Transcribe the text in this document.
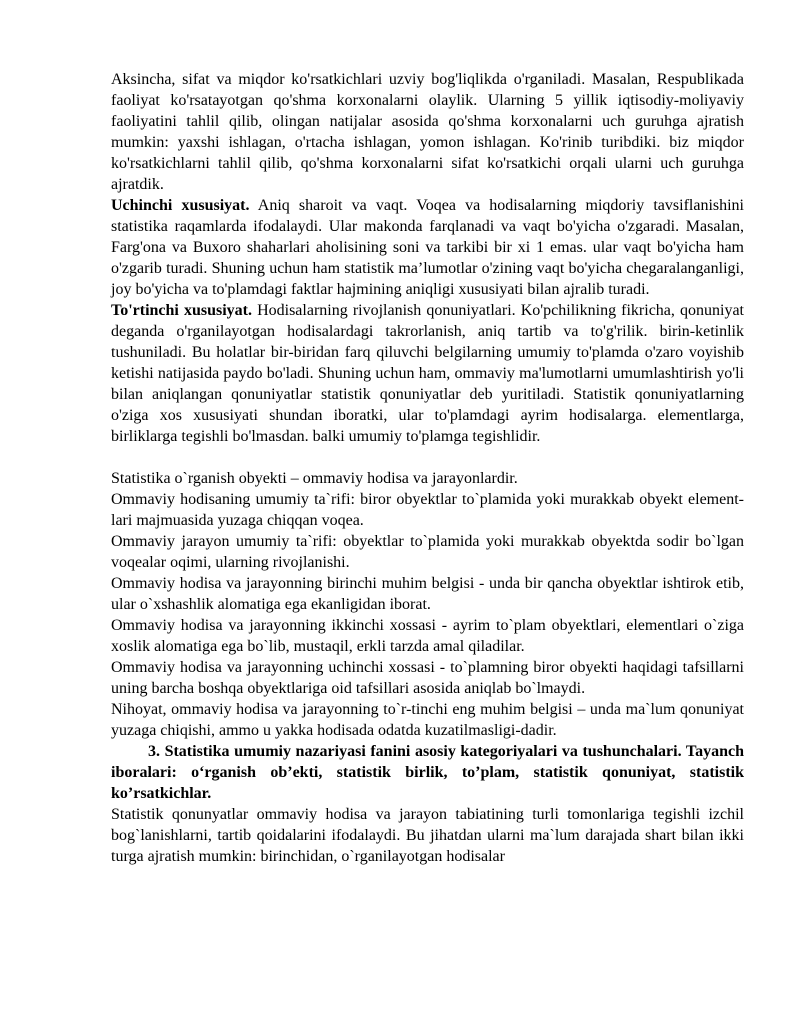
Aksincha, sifat va miqdor ko'rsatkichlari uzviy bog'liqlikda o'rganiladi. Masalan, Respublikada faoliyat ko'rsatayotgan qo'shma korxonalarni olaylik. Ularning 5 yillik iqtisodiy-moliyaviy faoliyatini tahlil qilib, olingan natijalar asosida qo'shma korxonalarni uch guruhga ajratish mumkin: yaxshi ishlagan, o'rtacha ishlagan, yomon ishlagan. Ko'rinib turibdiki. biz miqdor ko'rsatkichlarni tahlil qilib, qo'shma korxonalarni sifat ko'rsatkichi orqali ularni uch guruhga ajratdik.

Uchinchi xususiyat. Aniq sharoit va vaqt. Voqea va hodisalarning miqdoriy tavsiflanishini statistika raqamlarda ifodalaydi. Ular makonda farqlanadi va vaqt bo'yicha o'zgaradi. Masalan, Farg'ona va Buxoro shaharlari aholisining soni va tarkibi bir xi 1 emas. ular vaqt bo'yicha ham o'zgarib turadi. Shuning uchun ham statistik ma’lumotlar o'zining vaqt bo'yicha chegaralanganligi, joy bo'yicha va to'plamdagi faktlar hajmining aniqligi xususiyati bilan ajralib turadi.

To'rtinchi xususiyat. Hodisalarning rivojlanish qonuniyatlari. Ko'pchilikning fikricha, qonuniyat deganda o'rganilayotgan hodisalardagi takrorlanish, aniq tartib va to'g'rilik. birin-ketinlik tushuniladi. Bu holatlar bir-biridan farq qiluvchi belgilarning umumiy to'plamda o'zaro voyishib ketishi natijasida paydo bo'ladi. Shuning uchun ham, ommaviy ma'lumotlarni umumlashtirish yo'li bilan aniqlangan qonuniyatlar statistik qonuniyatlar deb yuritiladi. Statistik qonuniyatlarning o'ziga xos xususiyati shundan iboratki, ular to'plamdagi ayrim hodisalarga. elementlarga, birliklarga tegishli bo'lmasdan. balki umumiy to'plamga tegishlidir.

Statistika o`rganish obyekti – ommaviy hodisa va jarayonlardir.

Ommaviy hodisaning umumiy ta`rifi: biror obyektlar to`plamida yoki murakkab obyekt element-lari majmuasida yuzaga chiqqan voqea.

Ommaviy jarayon umumiy ta`rifi: obyektlar to`plamida yoki murakkab obyektda sodir bo`lgan voqealar oqimi, ularning rivojlanishi.

Ommaviy hodisa va jarayonning birinchi muhim belgisi - unda bir qancha obyektlar ishtirok etib, ular o`xshashlik alomatiga ega ekanligidan iborat.

Ommaviy hodisa va jarayonning ikkinchi xossasi - ayrim to`plam obyektlari, elementlari o`ziga xoslik alomatiga ega bo`lib, mustaqil, erkli tarzda amal qiladilar.

Ommaviy hodisa va jarayonning uchinchi xossasi - to`plamning biror obyekti haqidagi tafsillarni uning barcha boshqa obyektlariga oid tafsillari asosida aniqlab bo`lmaydi.

Nihoyat, ommaviy hodisa va jarayonning to`r-tinchi eng muhim belgisi – unda ma`lum qonuniyat yuzaga chiqishi, ammo u yakka hodisada odatda kuzatilmasligi-dadir.

3. Statistika umumiy nazariyasi fanini asosiy kategoriyalari va tushunchalari. Tayanch iboralari: o‘rganish ob’ekti, statistik birlik, to’plam, statistik qonuniyat, statistik ko’rsatkichlar.

Statistik qonunyatlar ommaviy hodisa va jarayon tabiatining turli tomonlariga tegishli izchil bog`lanishlarni, tartib qoidalarini ifodalaydi. Bu jihatdan ularni ma`lum darajada shart bilan ikki turga ajratish mumkin: birinchidan, o`rganilayotgan hodisalar
